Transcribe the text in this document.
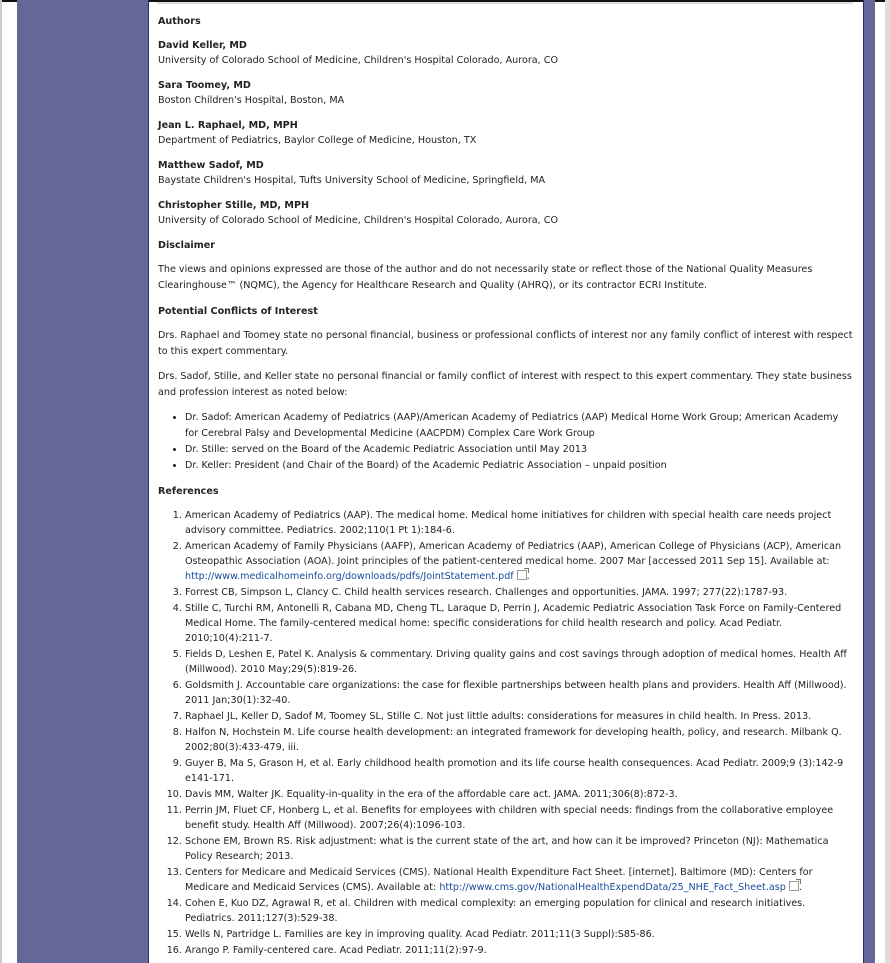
Authors
David Keller, MD
University of Colorado School of Medicine, Children's Hospital Colorado, Aurora, CO
Sara Toomey, MD
Boston Children's Hospital, Boston, MA
Jean L. Raphael, MD, MPH
Department of Pediatrics, Baylor College of Medicine, Houston, TX
Matthew Sadof, MD
Baystate Children's Hospital, Tufts University School of Medicine, Springfield, MA
Christopher Stille, MD, MPH
University of Colorado School of Medicine, Children's Hospital Colorado, Aurora, CO
Disclaimer

The views and opinions expressed are those of the author and do not necessarily state or reflect those of the National Quality Measures Clearinghouse™ (NQMC), the Agency for Healthcare Research and Quality (AHRQ), or its contractor ECRI Institute.

Potential Conflicts of Interest

Drs. Raphael and Toomey state no personal financial, business or professional conflicts of interest nor any family conflict of interest with respect to this expert commentary.

Drs. Sadof, Stille, and Keller state no personal financial or family conflict of interest with respect to this expert commentary. They state business and profession interest as noted below:

• Dr. Sadof: American Academy of Pediatrics (AAP)/American Academy of Pediatrics (AAP) Medical Home Work Group; American Academy for Cerebral Palsy and Developmental Medicine (AACPDM) Complex Care Work Group
• Dr. Stille: served on the Board of the Academic Pediatric Association until May 2013
• Dr. Keller: President (and Chair of the Board) of the Academic Pediatric Association – unpaid position
References
1. American Academy of Pediatrics (AAP). The medical home. Medical home initiatives for children with special health care needs project advisory committee. Pediatrics. 2002;110(1 Pt 1):184-6.
2. American Academy of Family Physicians (AAFP), American Academy of Pediatrics (AAP), American College of Physicians (ACP), American Osteopathic Association (AOA). Joint principles of the patient-centered medical home. 2007 Mar [accessed 2011 Sep 15]. Available at: http://www.medicalhomeinfo.org/downloads/pdfs/JointStatement.pdf .
3. Forrest CB, Simpson L, Clancy C. Child health services research. Challenges and opportunities. JAMA. 1997; 277(22):1787-93.
4. Stille C, Turchi RM, Antonelli R, Cabana MD, Cheng TL, Laraque D, Perrin J, Academic Pediatric Association Task Force on Family-Centered Medical Home. The family-centered medical home: specific considerations for child health research and policy. Acad Pediatr. 2010;10(4):211-7.
5. Fields D, Leshen E, Patel K. Analysis & commentary. Driving quality gains and cost savings through adoption of medical homes. Health Aff (Millwood). 2010 May;29(5):819-26.
6. Goldsmith J. Accountable care organizations: the case for flexible partnerships between health plans and providers. Health Aff (Millwood). 2011 Jan;30(1):32-40.
7. Raphael JL, Keller D, Sadof M, Toomey SL, Stille C. Not just little adults: considerations for measures in child health. In Press. 2013.
8. Halfon N, Hochstein M. Life course health development: an integrated framework for developing health, policy, and research. Milbank Q. 2002;80(3):433-479, iii.
9. Guyer B, Ma S, Grason H, et al. Early childhood health promotion and its life course health consequences. Acad Pediatr. 2009;9 (3):142-9 e141-171.
10. Davis MM, Walter JK. Equality-in-quality in the era of the affordable care act. JAMA. 2011;306(8):872-3.
11. Perrin JM, Fluet CF, Honberg L, et al. Benefits for employees with children with special needs: findings from the collaborative employee benefit study. Health Aff (Millwood). 2007;26(4):1096-103.
12. Schone EM, Brown RS. Risk adjustment: what is the current state of the art, and how can it be improved? Princeton (NJ): Mathematica Policy Research; 2013.
13. Centers for Medicare and Medicaid Services (CMS). National Health Expenditure Fact Sheet. [internet]. Baltimore (MD): Centers for Medicare and Medicaid Services (CMS). Available at: http://www.cms.gov/NationalHealthExpendData/25_NHE_Fact_Sheet.asp .
14. Cohen E, Kuo DZ, Agrawal R, et al. Children with medical complexity: an emerging population for clinical and research initiatives. Pediatrics. 2011;127(3):529-38.
15. Wells N, Partridge L. Families are key in improving quality. Acad Pediatr. 2011;11(3 Suppl):S85-86.
16. Arango P. Family-centered care. Acad Pediatr. 2011;11(2):97-9.
